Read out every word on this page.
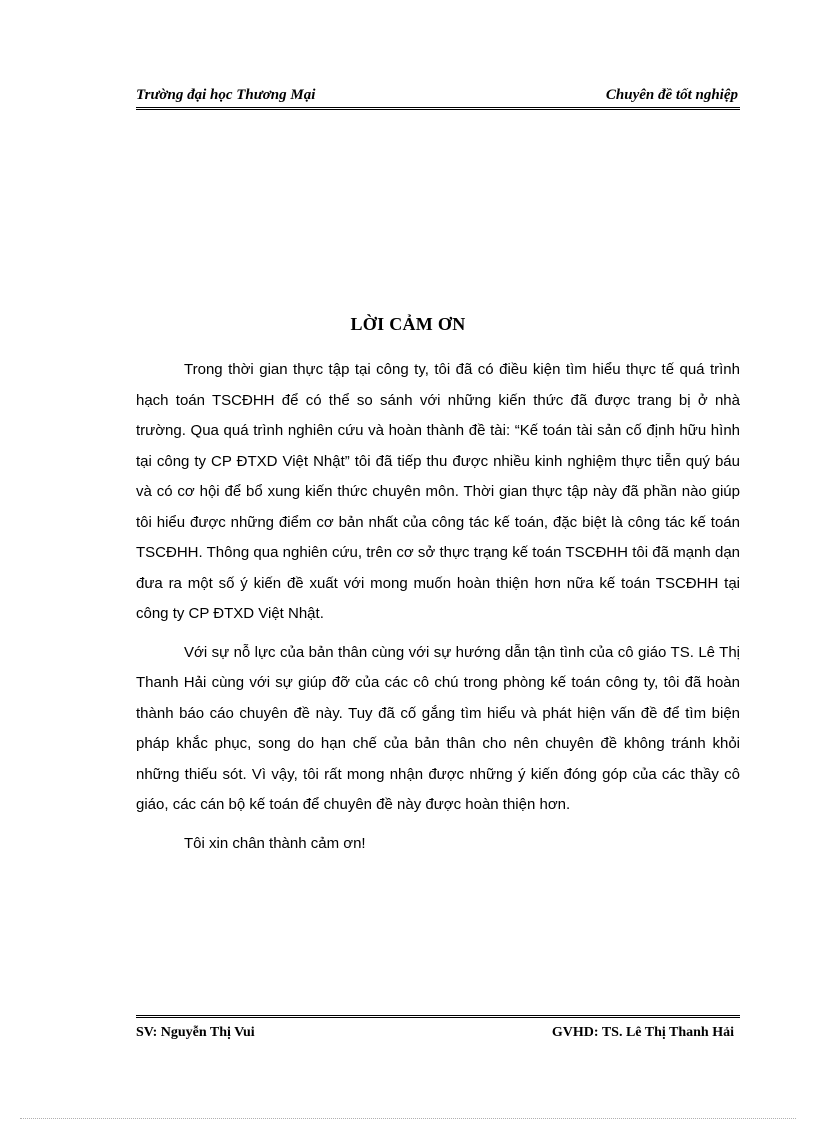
Trường đại học Thương Mại	Chuyên đề tốt nghiệp
LỜI CẢM ƠN

Trong thời gian thực tập tại công ty, tôi đã có điều kiện tìm hiểu thực tế quá trình hạch toán TSCĐHH để có thể so sánh với những kiến thức đã được trang bị ở nhà trường. Qua quá trình nghiên cứu và hoàn thành đề tài: “Kế toán tài sản cố định hữu hình tại công ty CP ĐTXD Việt Nhật” tôi đã tiếp thu được nhiều kinh nghiệm thực tiễn quý báu và có cơ hội để bổ xung kiến thức chuyên môn. Thời gian thực tập này đã phần nào giúp tôi hiểu được những điểm cơ bản nhất của công tác kế toán, đặc biệt là công tác kế toán TSCĐHH. Thông qua nghiên cứu, trên cơ sở thực trạng kế toán TSCĐHH tôi đã mạnh dạn đưa ra một số ý kiến đề xuất với mong muốn hoàn thiện hơn nữa kế toán TSCĐHH tại công ty CP ĐTXD Việt Nhật.

Với sự nỗ lực của bản thân cùng với sự hướng dẫn tận tình của cô giáo TS. Lê Thị Thanh Hải cùng với sự giúp đỡ của các cô chú trong phòng kế toán công ty, tôi đã hoàn thành báo cáo chuyên đề này. Tuy đã cố gắng tìm hiểu và phát hiện vấn đề để tìm biện pháp khắc phục, song do hạn chế của bản thân cho nên chuyên đề không tránh khỏi những thiếu sót. Vì vậy, tôi rất mong nhận được những ý kiến đóng góp của các thầy cô giáo, các cán bộ kế toán để chuyên đề này được hoàn thiện hơn.

Tôi xin chân thành cảm ơn!

SV: Nguyễn Thị Vui	GVHD: TS. Lê Thị Thanh Hải
